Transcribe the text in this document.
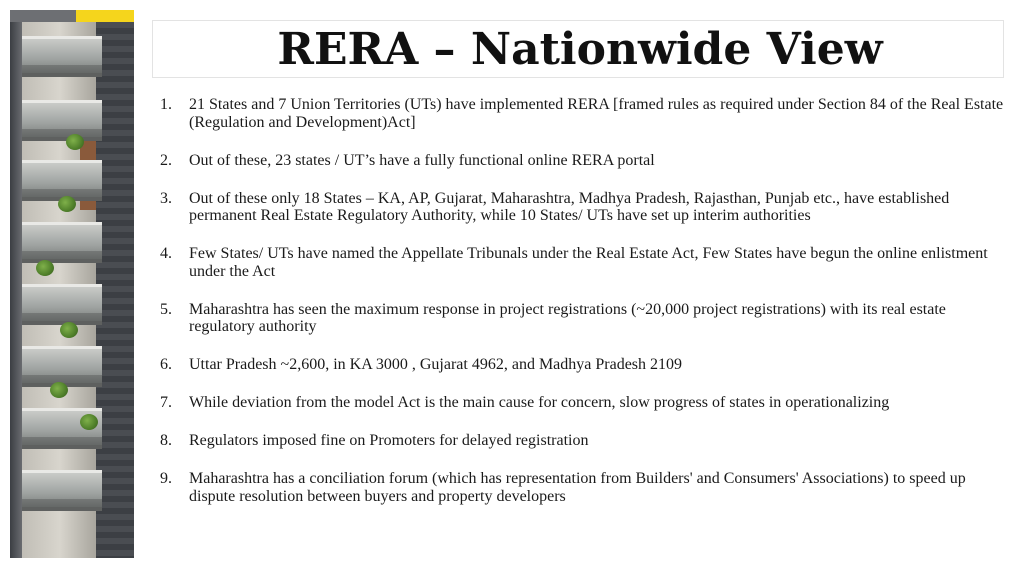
RERA – Nationwide View
1.	21 States and 7 Union Territories (UTs) have implemented RERA [framed rules as required under Section 84 of the Real Estate (Regulation and Development)Act]
2.	Out of these, 23 states / UT’s have a fully functional online RERA portal
3.	Out of these only 18 States – KA, AP, Gujarat, Maharashtra, Madhya Pradesh, Rajasthan, Punjab etc., have established permanent Real Estate Regulatory Authority, while 10 States/ UTs have set up interim authorities
4.	Few States/ UTs have named the Appellate Tribunals under the Real Estate Act, Few States have begun the online enlistment under the Act
5.	Maharashtra has seen the maximum response in project registrations (~20,000 project registrations) with its real estate regulatory authority
6.	Uttar Pradesh ~2,600, in KA 3000 , Gujarat 4962, and Madhya Pradesh 2109
7.	While deviation from the model Act is the main cause for concern, slow progress of states in operationalizing
8.	Regulators imposed fine on Promoters for delayed registration
9.	Maharashtra has a conciliation forum (which has representation from Builders' and Consumers' Associations) to speed up dispute resolution between buyers and property developers
